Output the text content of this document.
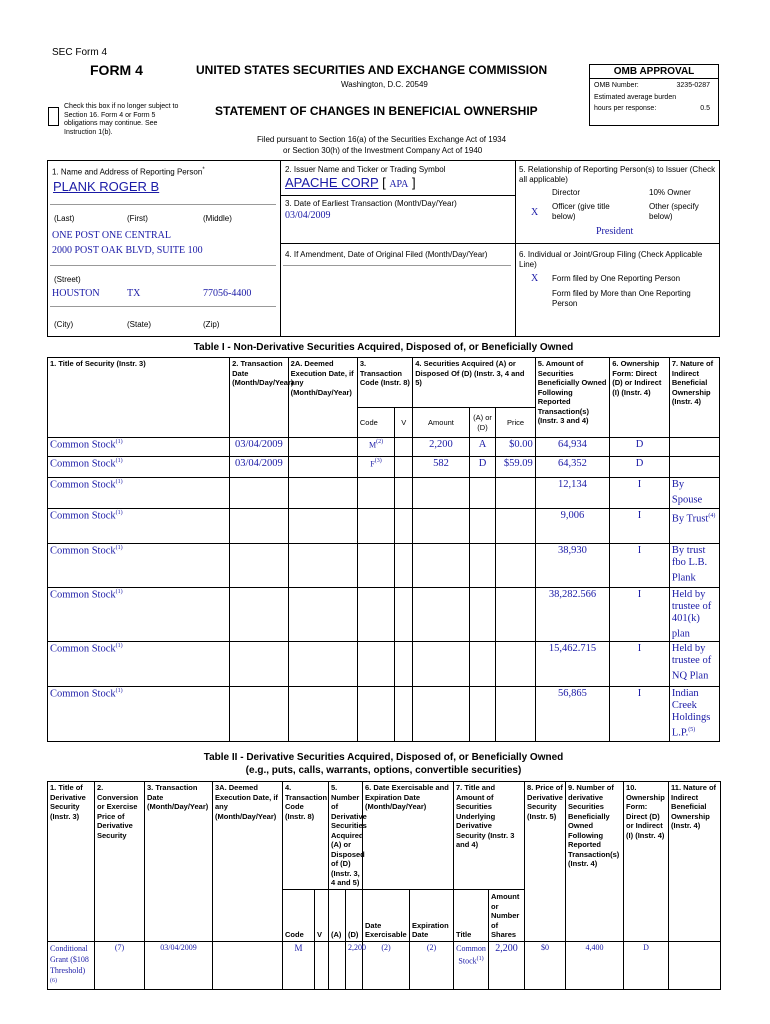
SEC Form 4
FORM 4	UNITED STATES SECURITIES AND EXCHANGE COMMISSION
Washington, D.C. 20549
Check this box if no longer subject to Section 16. Form 4 or Form 5 obligations may continue. See Instruction 1(b).
STATEMENT OF CHANGES IN BENEFICIAL OWNERSHIP
Filed pursuant to Section 16(a) of the Securities Exchange Act of 1934
or Section 30(h) of the Investment Company Act of 1940
OMB APPROVAL
OMB Number:	3235-0287
Estimated average burden
hours per response:	0.5
1. Name and Address of Reporting Person*
PLANK ROGER B
(Last)	(First)	(Middle)
ONE POST ONE CENTRAL
2000 POST OAK BLVD, SUITE 100
(Street)
HOUSTON	TX	77056-4400
(City)	(State)	(Zip)
2. Issuer Name and Ticker or Trading Symbol
APACHE CORP [ APA ]
3. Date of Earliest Transaction (Month/Day/Year)
03/04/2009
4. If Amendment, Date of Original Filed (Month/Day/Year)
5. Relationship of Reporting Person(s) to Issuer (Check all applicable)
Director	10% Owner
X
Officer (give title below)
Other (specify below)
President
6. Individual or Joint/Group Filing (Check Applicable Line)
X Form filed by One Reporting Person
Form filed by More than One Reporting Person
Table I - Non-Derivative Securities Acquired, Disposed of, or Beneficially Owned
1. Title of Security (Instr. 3)	2. Transaction Date (Month/Day/Year)	2A. Deemed Execution Date, if any (Month/Day/Year)	3. Transaction Code (Instr. 8)		4. Securities Acquired (A) or Disposed Of (D) (Instr. 3, 4 and 5)			5. Amount of Securities Beneficially Owned Following Reported Transaction(s) (Instr. 3 and 4)	6. Ownership Form: Direct (D) or Indirect (I) (Instr. 4)	7. Nature of Indirect Beneficial Ownership (Instr. 4)
			Code	V	Amount	(A) or (D)	Price			
Common Stock$^{(1)}$	03/04/2009		$M^{(2)}$		2,200	A	$0.00	64,934	D	
Common Stock$^{(1)}$	03/04/2009		$F^{(3)}$		582	D	$59.09	64,352	D	
Common Stock$^{(1)}$								12,134	I	By Spouse
Common Stock$^{(1)}$								9,006	I	By Trust$^{(4)}$
Common Stock$^{(1)}$								38,930	I	By trust fbo L.B. Plank
Common Stock$^{(1)}$								38,282.566	I	Held by trustee of 401(k) plan
Common Stock$^{(1)}$								15,462.715	I	Held by trustee of NQ Plan
Common Stock$^{(1)}$								56,865	I	Indian Creek Holdings L.P.$^{(5)}$
Table II - Derivative Securities Acquired, Disposed of, or Beneficially Owned
(e.g., puts, calls, warrants, options, convertible securities)
1. Title of Derivative Security (Instr. 3)	2. Conversion or Exercise Price of Derivative Security	3. Transaction Date (Month/Day/Year)	3A. Deemed Execution Date, if any (Month/Day/Year)	4. Transaction Code (Instr. 8)		5. Number of Derivative Securities Acquired (A) or Disposed of (D) (Instr. 3, 4 and 5)		6. Date Exercisable and Expiration Date (Month/Day/Year)		7. Title and Amount of Securities Underlying Derivative Security (Instr. 3 and 4)		8. Price of Derivative Security (Instr. 5)	9. Number of derivative Securities Beneficially Owned Following Reported Transaction(s) (Instr. 4)	10. Ownership Form: Direct (D) or Indirect (I) (Instr. 4)	11. Nature of Indirect Beneficial Ownership (Instr. 4)
				Code	V	(A)	(D)	Date Exercisable	Expiration Date	Title	Amount or Number of Shares				
Conditional Grant ($108 Threshold)$^{(6)}$	(7)	03/04/2009		M			2,200	(2)	(2)	Common Stock$^{(1)}$	2,200	$0	4,400	D	
